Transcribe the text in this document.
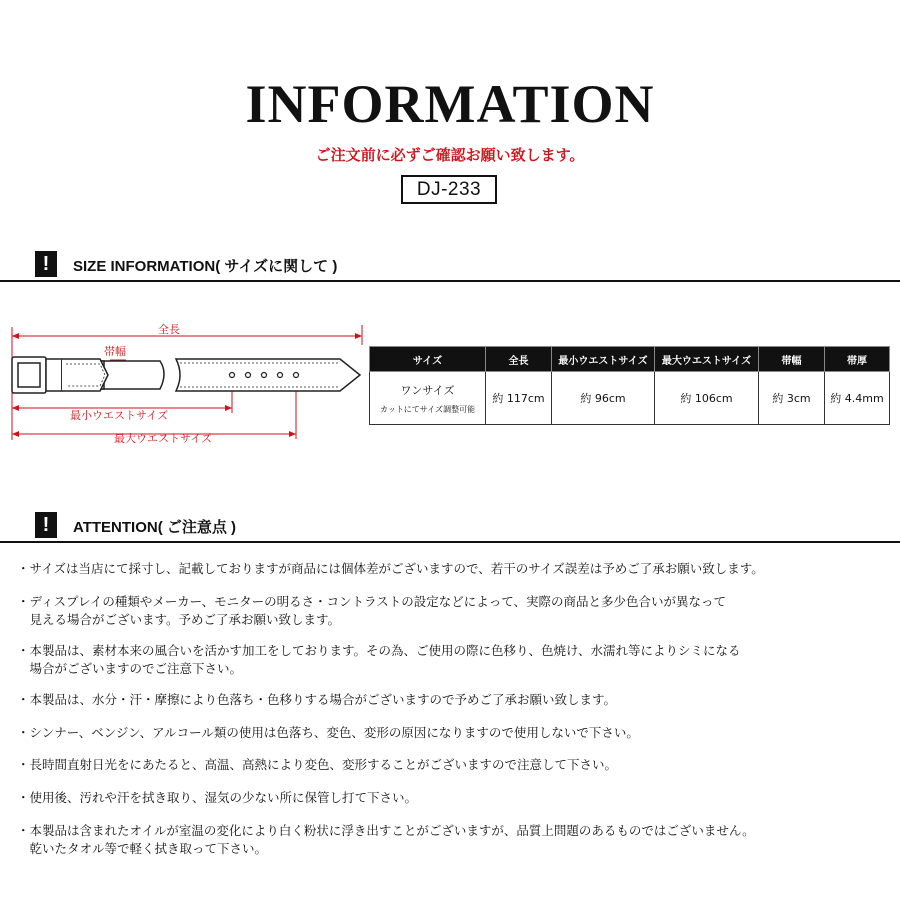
INFORMATION
ご注文前に必ずご確認お願い致します。
DJ-233
!	SIZE INFORMATION( サイズに関して )
全長
帯幅
最小ウエストサイズ
最大ウエストサイズ
サイズ	全長	最小ウエストサイズ	最大ウエストサイズ	帯幅	帯厚
ワンサイズ
カットにてサイズ調整可能	約 117cm	約 96cm	約 106cm	約 3cm	約 4.4mm
!	ATTENTION( ご注意点 )
・サイズは当店にて採寸し、記載しておりますが商品には個体差がございますので、若干のサイズ誤差は予めご了承お願い致します。
・ディスプレイの種類やメーカー、モニターの明るさ・コントラストの設定などによって、実際の商品と多少色合いが異なって
　見える場合がございます。予めご了承お願い致します。
・本製品は、素材本来の風合いを活かす加工をしております。その為、ご使用の際に色移り、色焼け、水濡れ等によりシミになる
　場合がございますのでご注意下さい。
・本製品は、水分・汗・摩擦により色落ち・色移りする場合がございますので予めご了承お願い致します。
・シンナー、ベンジン、アルコール類の使用は色落ち、変色、変形の原因になりますので使用しないで下さい。
・長時間直射日光をにあたると、高温、高熱により変色、変形することがございますので注意して下さい。
・使用後、汚れや汗を拭き取り、湿気の少ない所に保管し打て下さい。
・本製品は含まれたオイルが室温の変化により白く粉状に浮き出すことがございますが、品質上問題のあるものではございません。
　乾いたタオル等で軽く拭き取って下さい。
